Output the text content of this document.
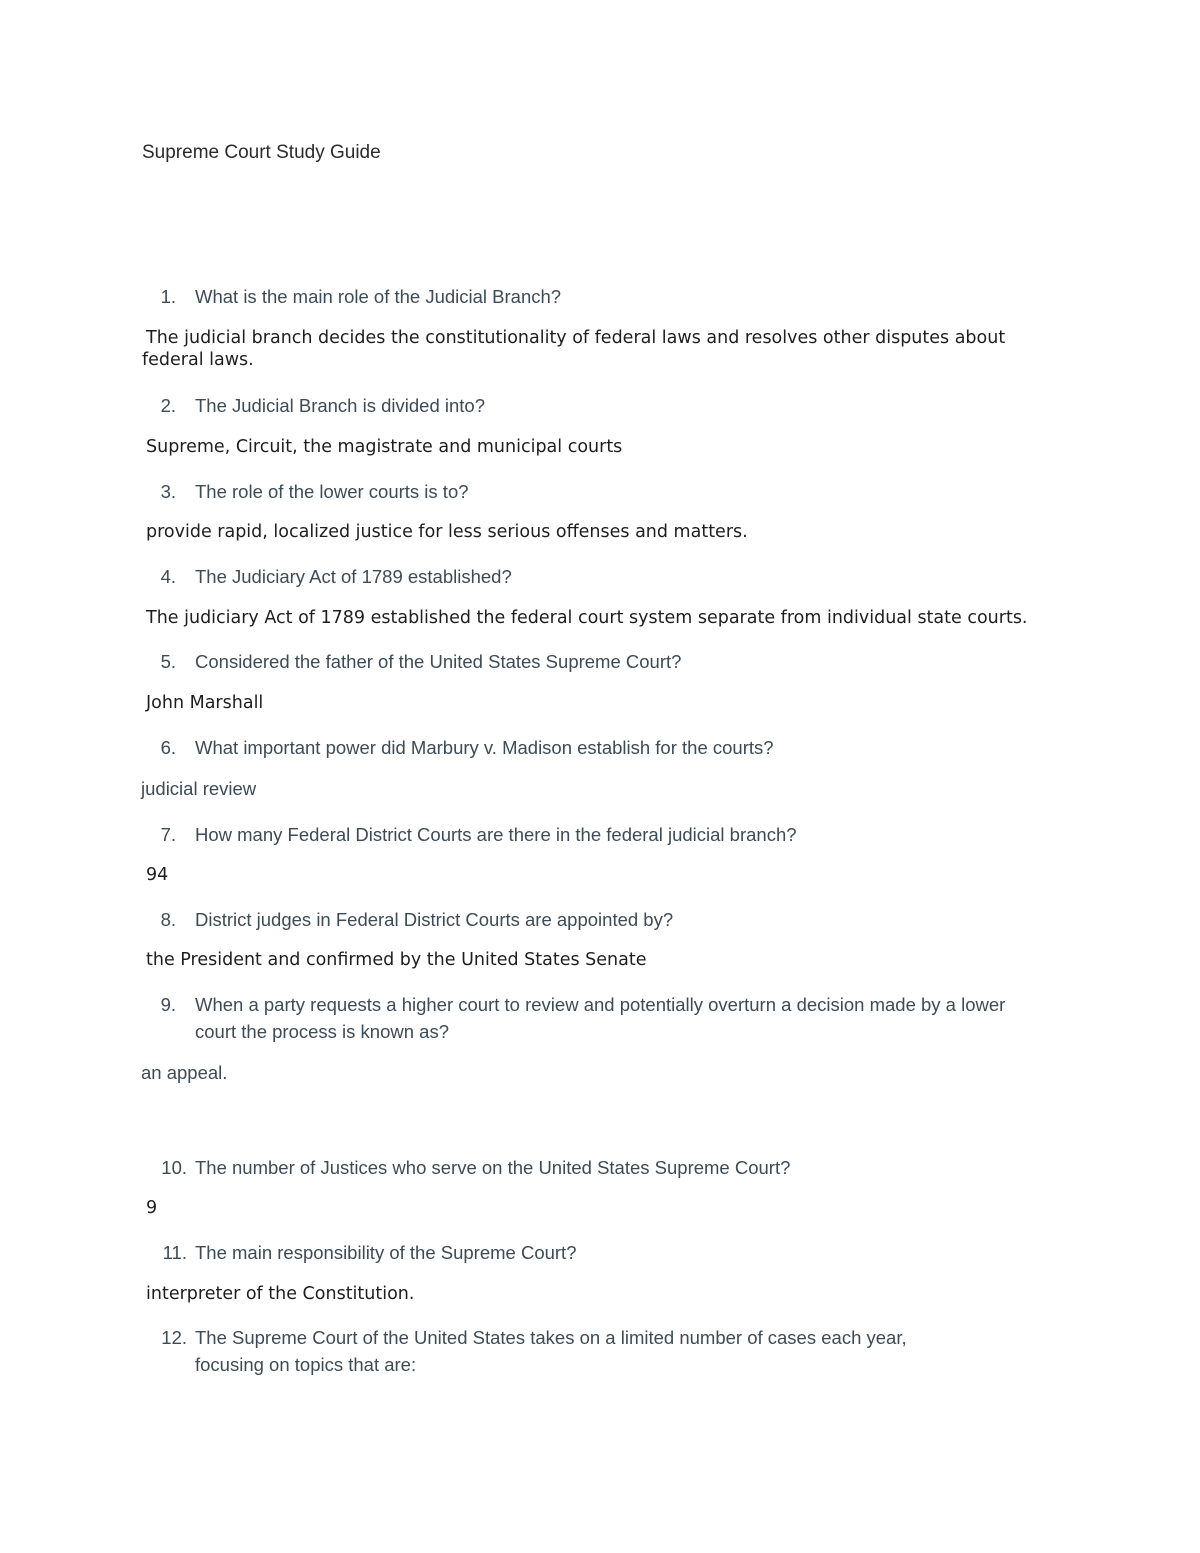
Supreme Court Study Guide
1. What is the main role of the Judicial Branch?
The judicial branch decides the constitutionality of federal laws and resolves other disputes about federal laws.
2. The Judicial Branch is divided into?
Supreme, Circuit, the magistrate and municipal courts
3. The role of the lower courts is to?
provide rapid, localized justice for less serious offenses and matters.
4. The Judiciary Act of 1789 established?
The judiciary Act of 1789 established the federal court system separate from individual state courts.
5. Considered the father of the United States Supreme Court?
John Marshall
6. What important power did Marbury v. Madison establish for the courts?
judicial review
7. How many Federal District Courts are there in the federal judicial branch?
94
8. District judges in Federal District Courts are appointed by?
the President and confirmed by the United States Senate
9. When a party requests a higher court to review and potentially overturn a decision made by a lower court the process is known as?
an appeal.
10. The number of Justices who serve on the United States Supreme Court?
9
11. The main responsibility of the Supreme Court?
interpreter of the Constitution.
12. The Supreme Court of the United States takes on a limited number of cases each year, focusing on topics that are:
